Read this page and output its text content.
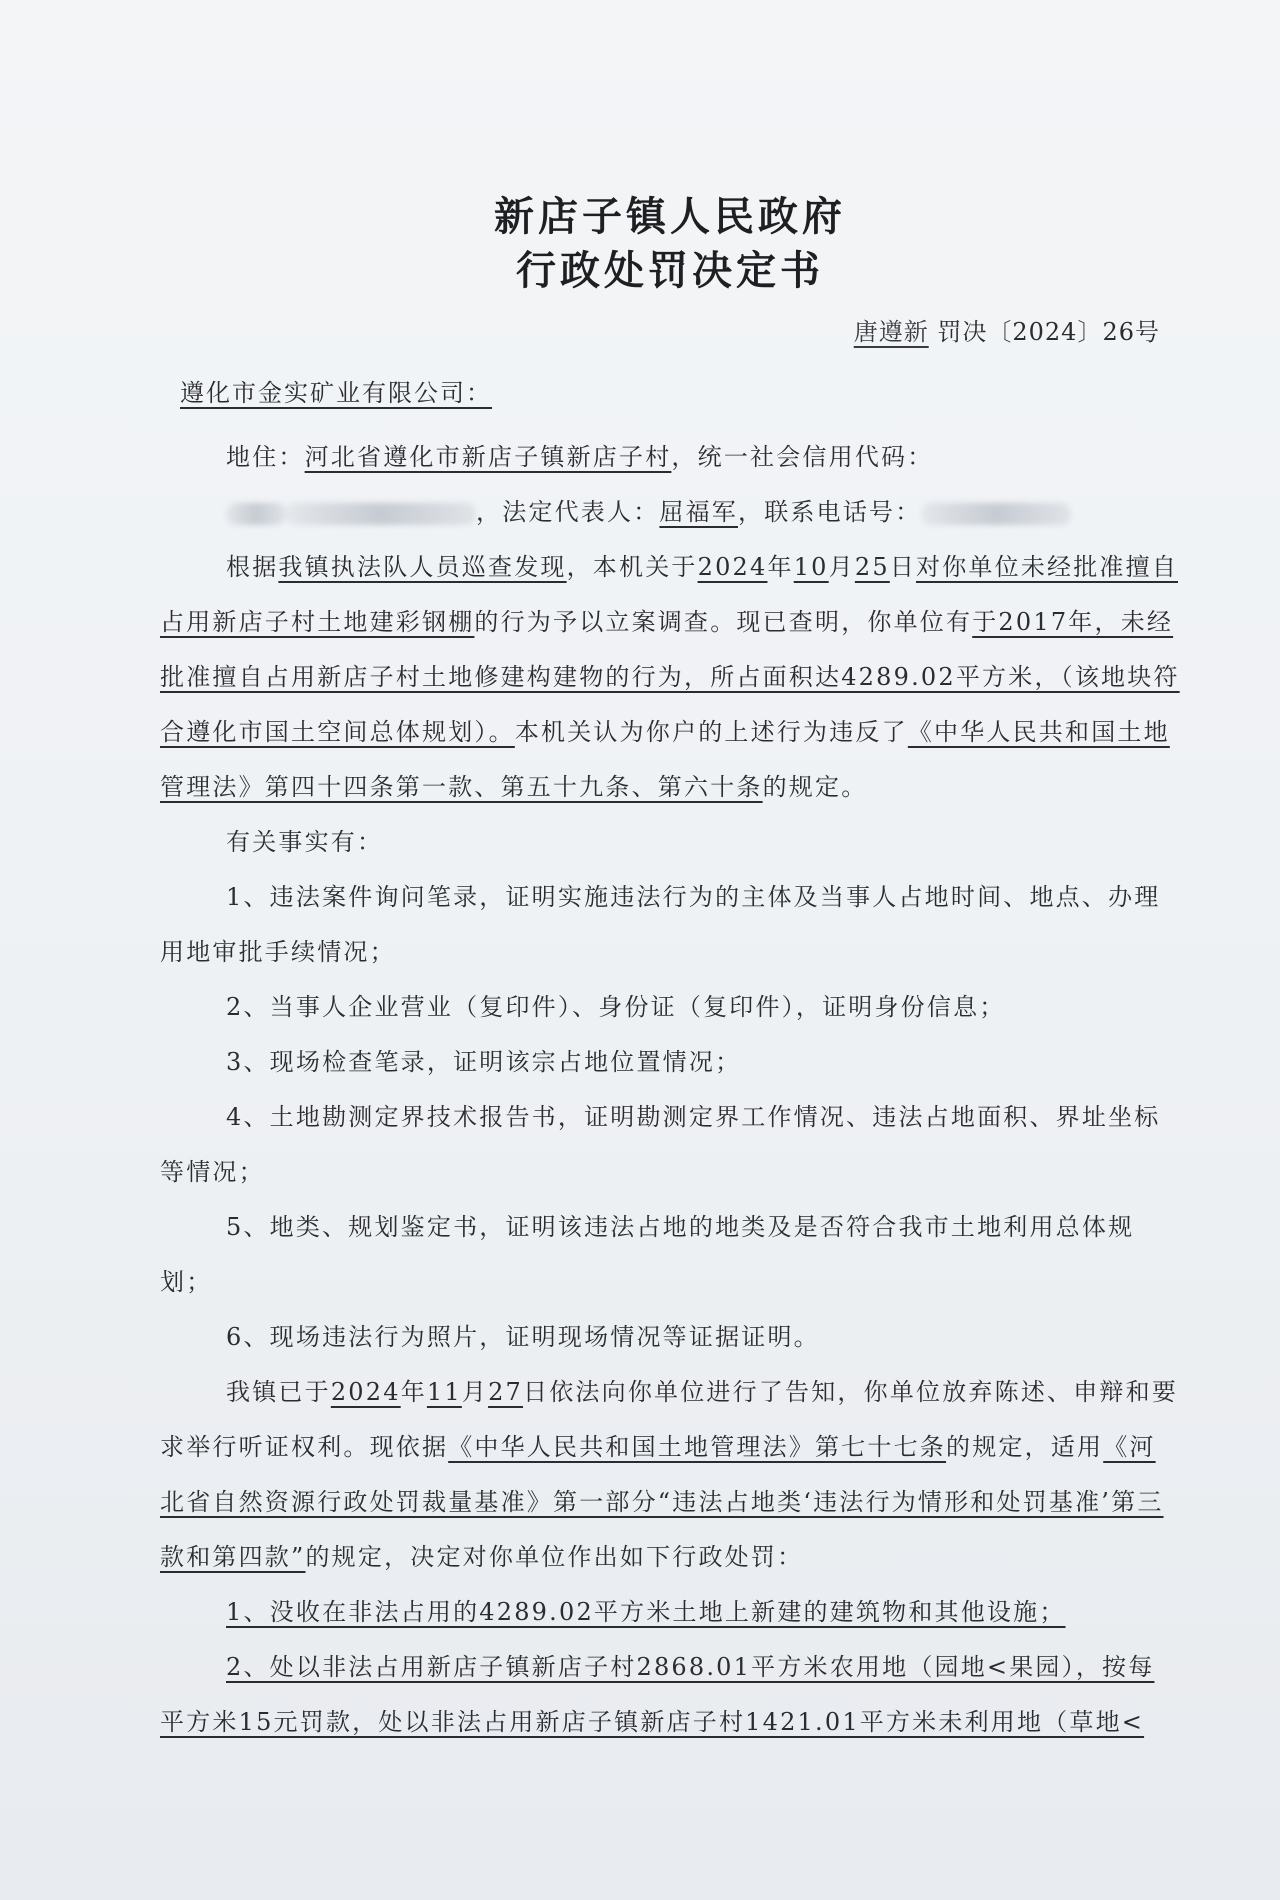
新店子镇人民政府
行政处罚决定书
唐遵新 罚决〔2024〕26号
遵化市金实矿业有限公司：

地住：河北省遵化市新店子镇新店子村，统一社会信用代码：

，法定代表人：屈福军，联系电话号：

根据我镇执法队人员巡查发现，本机关于2024年10月25日对你单位未经批准擅自占用新店子村土地建彩钢棚的行为予以立案调查。现已查明，你单位有于2017年，未经批准擅自占用新店子村土地修建构建物的行为，所占面积达4289.02平方米，（该地块符合遵化市国土空间总体规划）。本机关认为你户的上述行为违反了《中华人民共和国土地管理法》第四十四条第一款、第五十九条、第六十条的规定。

有关事实有：

1、违法案件询问笔录，证明实施违法行为的主体及当事人占地时间、地点、办理用地审批手续情况；

2、当事人企业营业（复印件）、身份证（复印件），证明身份信息；

3、现场检查笔录，证明该宗占地位置情况；

4、土地勘测定界技术报告书，证明勘测定界工作情况、违法占地面积、界址坐标等情况；

5、地类、规划鉴定书，证明该违法占地的地类及是否符合我市土地利用总体规划；

6、现场违法行为照片，证明现场情况等证据证明。

我镇已于2024年11月27日依法向你单位进行了告知，你单位放弃陈述、申辩和要求举行听证权利。现依据《中华人民共和国土地管理法》第七十七条的规定，适用《河北省自然资源行政处罚裁量基准》第一部分“违法占地类‘违法行为情形和处罚基准’第三款和第四款”的规定，决定对你单位作出如下行政处罚：

1、没收在非法占用的4289.02平方米土地上新建的建筑物和其他设施；

2、处以非法占用新店子镇新店子村2868.01平方米农用地（园地<果园），按每平方米15元罚款，处以非法占用新店子镇新店子村1421.01平方米未利用地（草地<
